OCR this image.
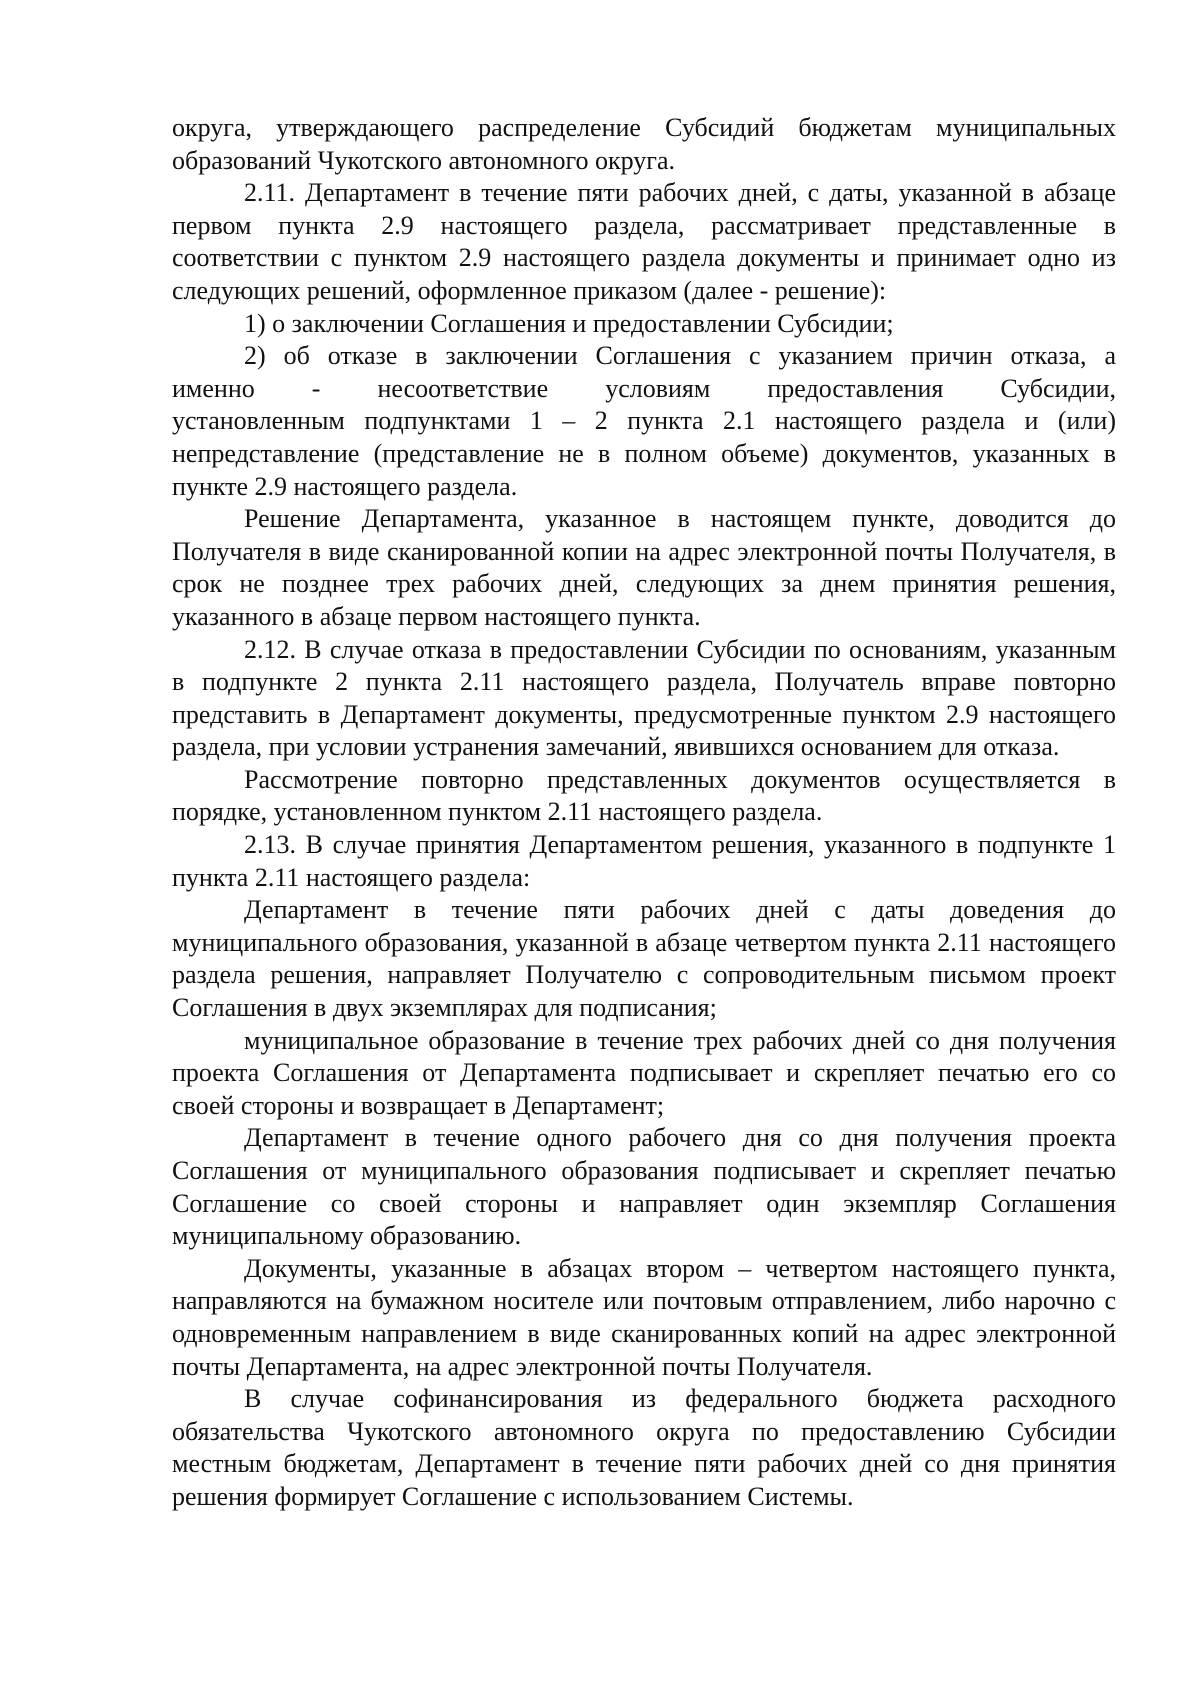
округа, утверждающего распределение Субсидий бюджетам муниципальных образований Чукотского автономного округа.

2.11. Департамент в течение пяти рабочих дней, с даты, указанной в абзаце первом пункта 2.9 настоящего раздела, рассматривает представленные в соответствии с пунктом 2.9 настоящего раздела документы и принимает одно из следующих решений, оформленное приказом (далее - решение):

1) о заключении Соглашения и предоставлении Субсидии;

2) об отказе в заключении Соглашения с указанием причин отказа, а

именно - несоответствие условиям предоставления Субсидии,

установленным подпунктами 1 – 2 пункта 2.1 настоящего раздела и (или) непредставление (представление не в полном объеме) документов, указанных в пункте 2.9 настоящего раздела.

Решение Департамента, указанное в настоящем пункте, доводится до Получателя в виде сканированной копии на адрес электронной почты Получателя, в срок не позднее трех рабочих дней, следующих за днем принятия решения, указанного в абзаце первом настоящего пункта.

2.12. В случае отказа в предоставлении Субсидии по основаниям, указанным в подпункте 2 пункта 2.11 настоящего раздела, Получатель вправе повторно представить в Департамент документы, предусмотренные пунктом 2.9 настоящего раздела, при условии устранения замечаний, явившихся основанием для отказа.

Рассмотрение повторно представленных документов осуществляется в порядке, установленном пунктом 2.11 настоящего раздела.

2.13. В случае принятия Департаментом решения, указанного в подпункте 1 пункта 2.11 настоящего раздела:

Департамент в течение пяти рабочих дней с даты доведения до муниципального образования, указанной в абзаце четвертом пункта 2.11 настоящего раздела решения, направляет Получателю с сопроводительным письмом проект Соглашения в двух экземплярах для подписания;

муниципальное образование в течение трех рабочих дней со дня получения проекта Соглашения от Департамента подписывает и скрепляет печатью его со своей стороны и возвращает в Департамент;

Департамент в течение одного рабочего дня со дня получения проекта Соглашения от муниципального образования подписывает и скрепляет печатью Соглашение со своей стороны и направляет один экземпляр Соглашения муниципальному образованию.

Документы, указанные в абзацах втором – четвертом настоящего пункта, направляются на бумажном носителе или почтовым отправлением, либо нарочно с одновременным направлением в виде сканированных копий на адрес электронной почты Департамента, на адрес электронной почты Получателя.

В случае софинансирования из федерального бюджета расходного обязательства Чукотского автономного округа по предоставлению Субсидии местным бюджетам, Департамент в течение пяти рабочих дней со дня принятия решения формирует Соглашение с использованием Системы.
